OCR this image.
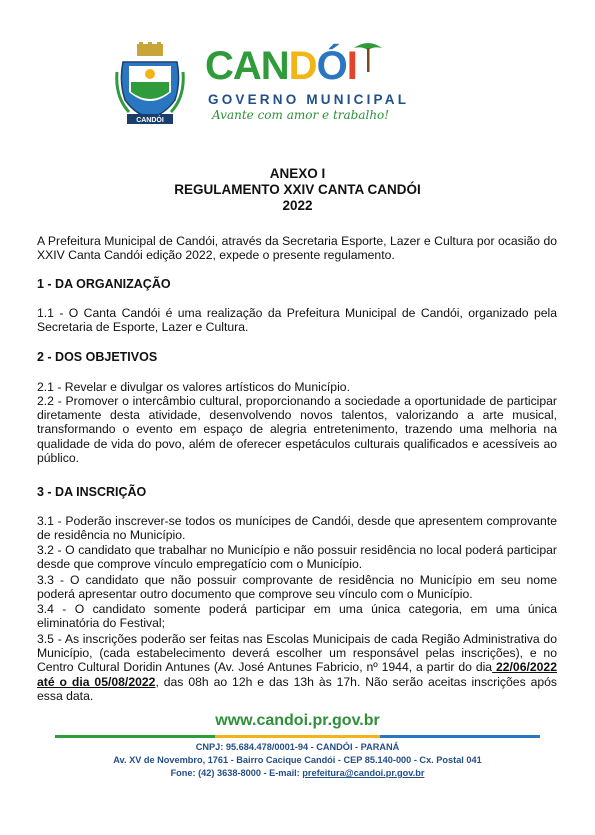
CANDÓI
CANDÓI
GOVERNO MUNICIPAL
Avante com amor e trabalho!
ANEXO I
REGULAMENTO XXIV CANTA CANDÓI
2022
A Prefeitura Municipal de Candói, através da Secretaria Esporte, Lazer e Cultura por ocasião do XXIV Canta Candói edição 2022, expede o presente regulamento.
1 - DA ORGANIZAÇÃO
1.1 - O Canta Candói é uma realização da Prefeitura Municipal de Candói, organizado pela Secretaria de Esporte, Lazer e Cultura.
2 - DOS OBJETIVOS
2.1 - Revelar e divulgar os valores artísticos do Município.
2.2 - Promover o intercâmbio cultural, proporcionando a sociedade a oportunidade de participar diretamente desta atividade, desenvolvendo novos talentos, valorizando a arte musical, transformando o evento em espaço de alegria entretenimento, trazendo uma melhoria na qualidade de vida do povo, além de oferecer espetáculos culturais qualificados e acessíveis ao público.
3 - DA INSCRIÇÃO
3.1 - Poderão inscrever-se todos os munícipes de Candói, desde que apresentem comprovante de residência no Município.
3.2 - O candidato que trabalhar no Município e não possuir residência no local poderá participar desde que comprove vínculo empregatício com o Município.
3.3 - O candidato que não possuir comprovante de residência no Município em seu nome poderá apresentar outro documento que comprove seu vínculo com o Município.
3.4 - O candidato somente poderá participar em uma única categoria, em uma única eliminatória do Festival;
3.5 - As inscrições poderão ser feitas nas Escolas Municipais de cada Região Administrativa do Município, (cada estabelecimento deverá escolher um responsável pelas inscrições), e no Centro Cultural Doridin Antunes (Av. José Antunes Fabricio, nº 1944, a partir do dia 22/06/2022 até o dia 05/08/2022, das 08h ao 12h e das 13h às 17h. Não serão aceitas inscrições após essa data.
www.candoi.pr.gov.br
CNPJ: 95.684.478/0001-94 - CANDÓI - PARANÁ
Av. XV de Novembro, 1761 - Bairro Cacique Candói - CEP 85.140-000 - Cx. Postal 041
Fone: (42) 3638-8000 - E-mail: prefeitura@candoi.pr.gov.br
